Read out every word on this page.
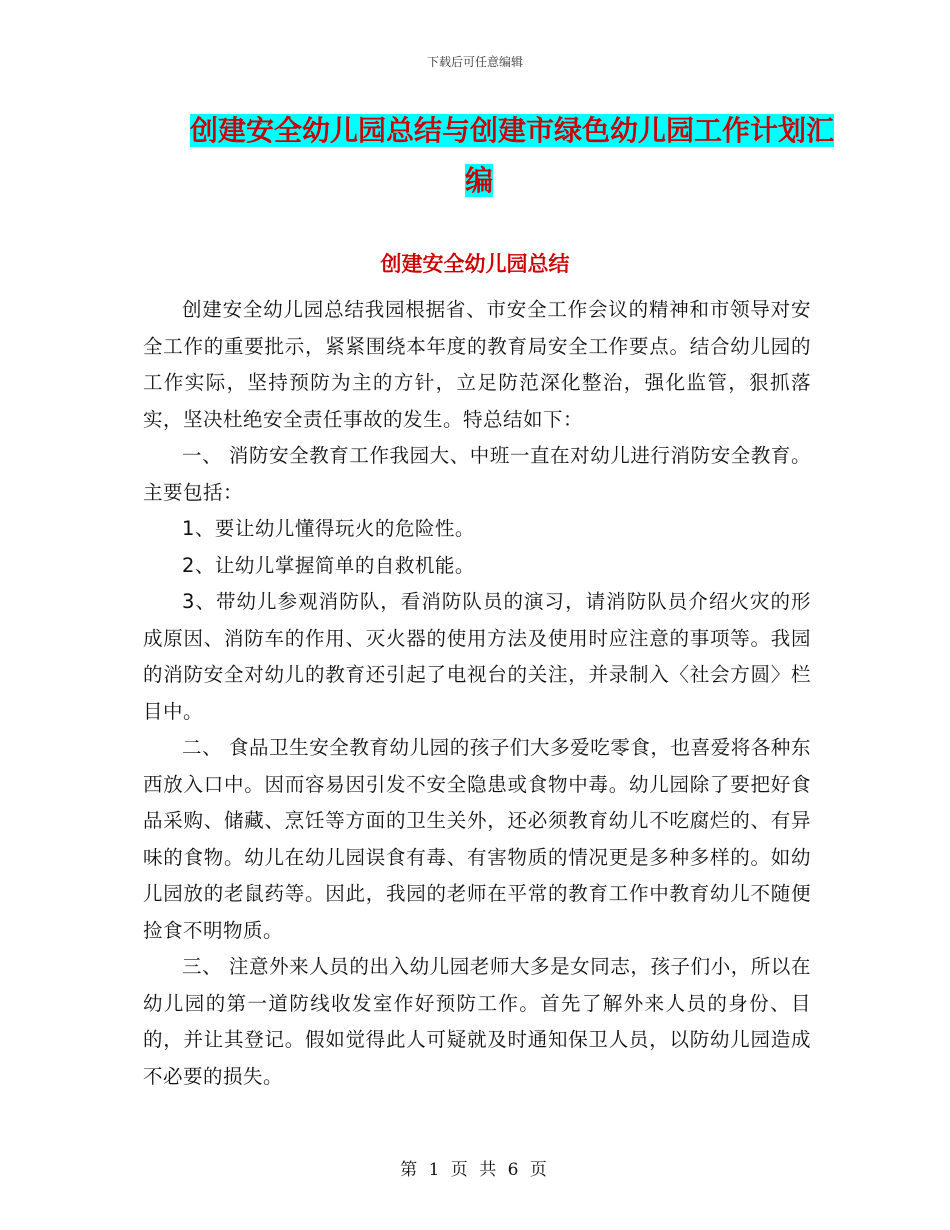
下载后可任意编辑
创建安全幼儿园总结与创建市绿色幼儿园工作计划汇
编
创建安全幼儿园总结

创建安全幼儿园总结我园根据省、市安全工作会议的精神和市领导对安全工作的重要批示，紧紧围绕本年度的教育局安全工作要点。结合幼儿园的工作实际，坚持预防为主的方针，立足防范深化整治，强化监管，狠抓落实，坚决杜绝安全责任事故的发生。特总结如下：

一、 消防安全教育工作我园大、中班一直在对幼儿进行消防安全教育。主要包括：

1、要让幼儿懂得玩火的危险性。

2、让幼儿掌握简单的自救机能。

3、带幼儿参观消防队，看消防队员的演习，请消防队员介绍火灾的形成原因、消防车的作用、灭火器的使用方法及使用时应注意的事项等。我园的消防安全对幼儿的教育还引起了电视台的关注，并录制入〈社会方圆〉栏目中。

二、 食品卫生安全教育幼儿园的孩子们大多爱吃零食，也喜爱将各种东西放入口中。因而容易因引发不安全隐患或食物中毒。幼儿园除了要把好食品采购、储藏、烹饪等方面的卫生关外，还必须教育幼儿不吃腐烂的、有异味的食物。幼儿在幼儿园误食有毒、有害物质的情况更是多种多样的。如幼儿园放的老鼠药等。因此，我园的老师在平常的教育工作中教育幼儿不随便捡食不明物质。

三、 注意外来人员的出入幼儿园老师大多是女同志，孩子们小，所以在幼儿园的第一道防线收发室作好预防工作。首先了解外来人员的身份、目的，并让其登记。假如觉得此人可疑就及时通知保卫人员，以防幼儿园造成不必要的损失。

第 1 页 共 6 页
